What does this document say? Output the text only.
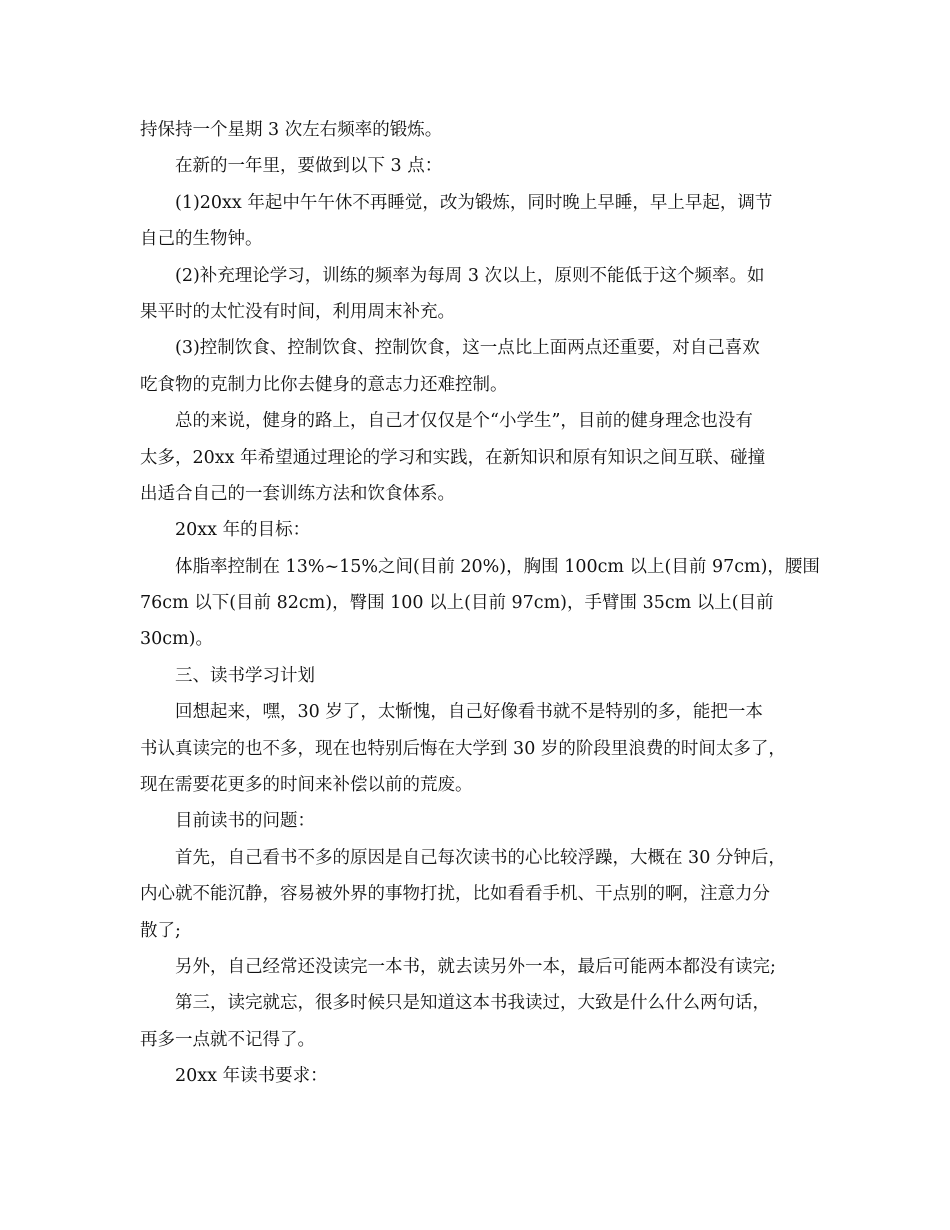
持保持一个星期 3 次左右频率的锻炼。
在新的一年里，要做到以下 3 点：
(1)20xx 年起中午午休不再睡觉，改为锻炼，同时晚上早睡，早上早起，调节
自己的生物钟。
(2)补充理论学习，训练的频率为每周 3 次以上，原则不能低于这个频率。如
果平时的太忙没有时间，利用周末补充。
(3)控制饮食、控制饮食、控制饮食，这一点比上面两点还重要，对自己喜欢
吃食物的克制力比你去健身的意志力还难控制。
总的来说，健身的路上，自己才仅仅是个“小学生”，目前的健身理念也没有
太多，20xx 年希望通过理论的学习和实践，在新知识和原有知识之间互联、碰撞
出适合自己的一套训练方法和饮食体系。
20xx 年的目标：
体脂率控制在 13%~15%之间(目前 20%)，胸围 100cm 以上(目前 97cm)，腰围
76cm 以下(目前 82cm)，臀围 100 以上(目前 97cm)，手臂围 35cm 以上(目前
30cm)。
三、读书学习计划
回想起来，嘿，30 岁了，太惭愧，自己好像看书就不是特别的多，能把一本
书认真读完的也不多，现在也特别后悔在大学到 30 岁的阶段里浪费的时间太多了，
现在需要花更多的时间来补偿以前的荒废。
目前读书的问题：
首先，自己看书不多的原因是自己每次读书的心比较浮躁，大概在 30 分钟后，
内心就不能沉静，容易被外界的事物打扰，比如看看手机、干点别的啊，注意力分
散了;
另外，自己经常还没读完一本书，就去读另外一本，最后可能两本都没有读完;
第三，读完就忘，很多时候只是知道这本书我读过，大致是什么什么两句话，
再多一点就不记得了。
20xx 年读书要求：
